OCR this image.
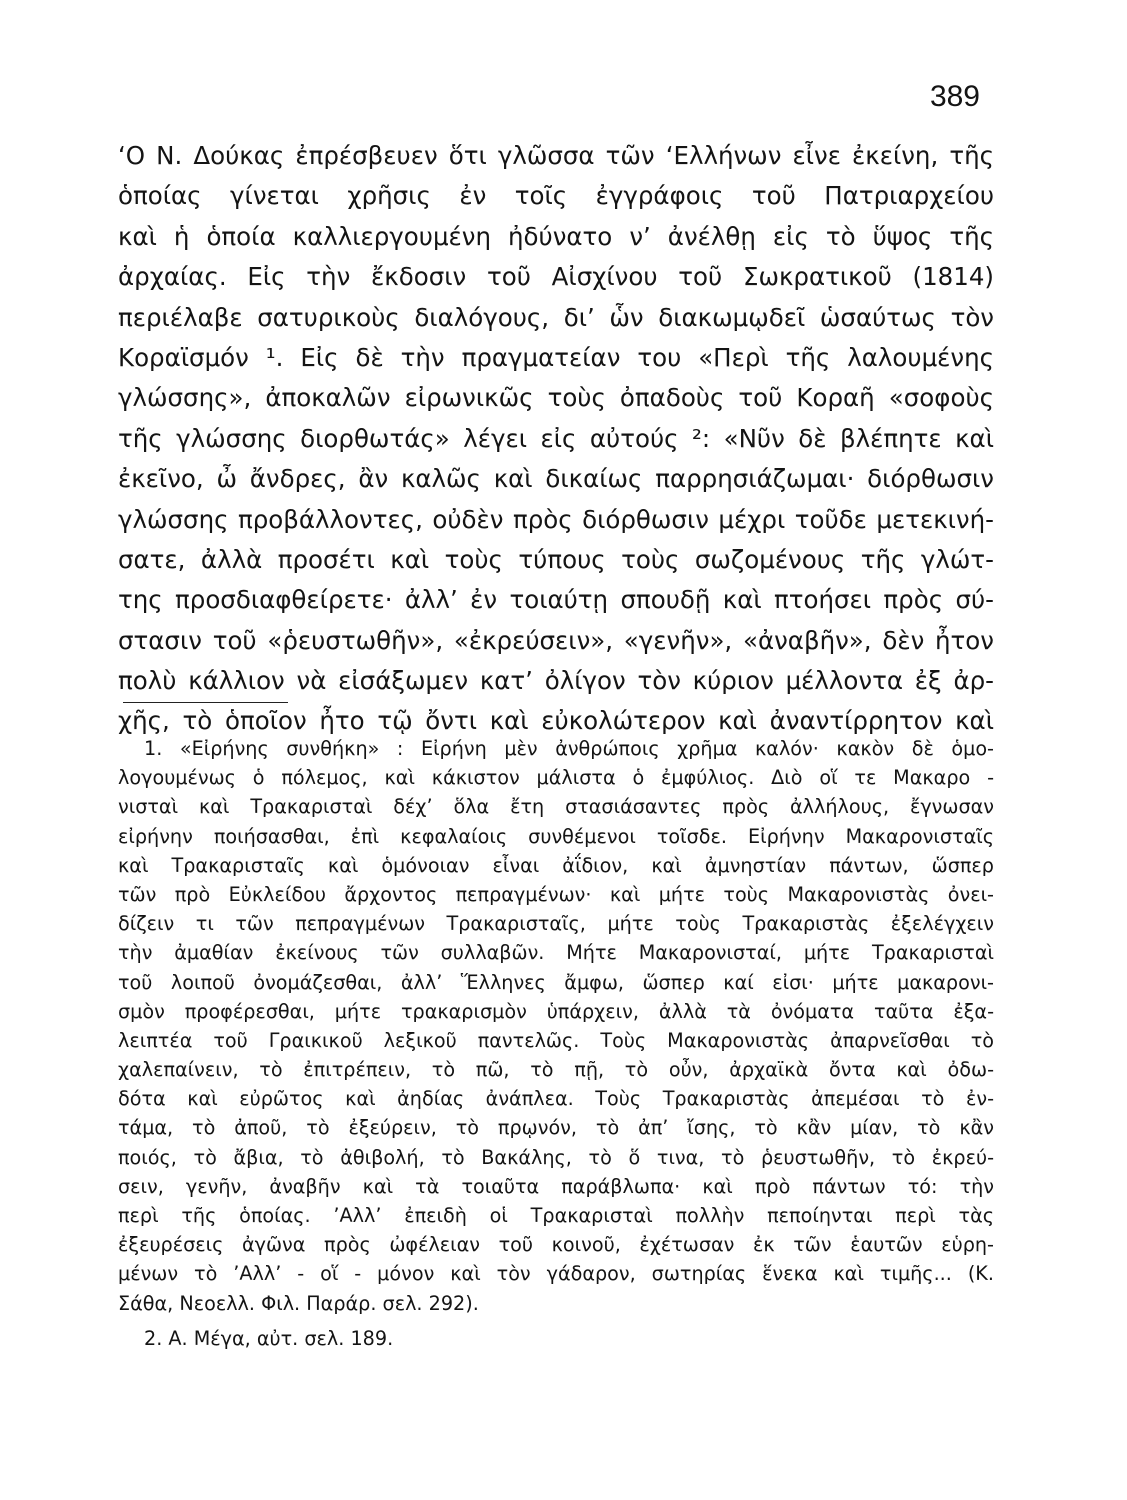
389
‘Ο Ν. Δούκας ἐπρέσβευεν ὅτι γλῶσσα τῶν ‘Ελλήνων εἶνε ἐκείνη, τῆς
ὁποίας γίνεται χρῆσις ἐν τοῖς ἐγγράφοις τοῦ Πατριαρχείου
καὶ ἡ ὁποία καλλιεργουμένη ἠδύνατο ν’ ἀνέλθῃ εἰς τὸ ὕψος τῆς
ἀρχαίας. Εἰς τὴν ἔκδοσιν τοῦ Αἰσχίνου τοῦ Σωκρατικοῦ (1814)
περιέλαβε σατυρικοὺς διαλόγους, δι’ ὧν διακωμῳδεῖ ὡσαύτως τὸν
Κοραϊσμόν ¹. Εἰς δὲ τὴν πραγματείαν του «Περὶ τῆς λαλουμένης
γλώσσης», ἀποκαλῶν εἰρωνικῶς τοὺς ὀπαδοὺς τοῦ Κοραῆ «σοφοὺς
τῆς γλώσσης διορθωτάς» λέγει εἰς αὐτούς ²: «Νῦν δὲ βλέπητε καὶ
ἐκεῖνο, ὦ ἄνδρες, ἂν καλῶς καὶ δικαίως παρρησιάζωμαι· διόρθωσιν
γλώσσης προβάλλοντες, οὐδὲν πρὸς διόρθωσιν μέχρι τοῦδε μετεκινή-
σατε, ἀλλὰ προσέτι καὶ τοὺς τύπους τοὺς σωζομένους τῆς γλώτ-
της προσδιαφθείρετε· ἀλλ’ ἐν τοιαύτῃ σπουδῇ καὶ πτοήσει πρὸς σύ-
στασιν τοῦ «ῥευστωθῆν», «ἐκρεύσειν», «γενῆν», «ἀναβῆν», δὲν ἦτον
πολὺ κάλλιον νὰ εἰσάξωμεν κατ’ ὀλίγον τὸν κύριον μέλλοντα ἐξ ἀρ-
χῆς, τὸ ὁποῖον ἦτο τῷ ὄντι καὶ εὐκολώτερον καὶ ἀναντίρρητον καὶ
1. «Εἰρήνης συνθήκη» : Εἰρήνη μὲν ἀνθρώποις χρῆμα καλόν· κακὸν δὲ ὁμο-
λογουμένως ὁ πόλεμος, καὶ κάκιστον μάλιστα ὁ ἐμφύλιος. Διὸ οἵ τε Μακαρο -
νισταὶ καὶ Τρακαρισταὶ δέχ’ ὅλα ἔτη στασιάσαντες πρὸς ἀλλήλους, ἔγνωσαν
εἰρήνην ποιήσασθαι, ἐπὶ κεφαλαίοις συνθέμενοι τοῖσδε. Εἰρήνην Μακαρονισταῖς
καὶ Τρακαρισταῖς καὶ ὁμόνοιαν εἶναι ἀΐδιον, καὶ ἀμνηστίαν πάντων, ὥσπερ
τῶν πρὸ Εὐκλείδου ἄρχοντος πεπραγμένων· καὶ μήτε τοὺς Μακαρονιστὰς ὀνει-
δίζειν τι τῶν πεπραγμένων Τρακαρισταῖς, μήτε τοὺς Τρακαριστὰς ἐξελέγχειν
τὴν ἀμαθίαν ἐκείνους τῶν συλλαβῶν. Μήτε Μακαρονισταί, μήτε Τρακαρισταὶ
τοῦ λοιποῦ ὀνομάζεσθαι, ἀλλ’ Ἕλληνες ἄμφω, ὥσπερ καί εἰσι· μήτε μακαρονι-
σμὸν προφέρεσθαι, μήτε τρακαρισμὸν ὑπάρχειν, ἀλλὰ τὰ ὀνόματα ταῦτα ἐξα-
λειπτέα τοῦ Γραικικοῦ λεξικοῦ παντελῶς. Τοὺς Μακαρονιστὰς ἀπαρνεῖσθαι τὸ
χαλεπαίνειν, τὸ ἐπιτρέπειν, τὸ πῶ, τὸ πῇ, τὸ οὖν, ἀρχαϊκὰ ὄντα καὶ ὀδω-
δότα καὶ εὐρῶτος καὶ ἀηδίας ἀνάπλεα. Τοὺς Τρακαριστὰς ἀπεμέσαι τὸ ἐν-
τάμα, τὸ ἀποῦ, τὸ ἐξεύρειν, τὸ πρῳνόν, τὸ ἀπ’ ἴσης, τὸ κἂν μίαν, τὸ κἂν
ποιός, τὸ ἄβια, τὸ ἀθιβολή, τὸ Βακάλης, τὸ ὅ τινα, τὸ ῥευστωθῆν, τὸ ἐκρεύ-
σειν, γενῆν, ἀναβῆν καὶ τὰ τοιαῦτα παράβλωπα· καὶ πρὸ πάντων τό: τὴν
περὶ τῆς ὁποίας. ’Αλλ’ ἐπειδὴ οἱ Τρακαρισταὶ πολλὴν πεποίηνται περὶ τὰς
ἐξευρέσεις ἀγῶνα πρὸς ὠφέλειαν τοῦ κοινοῦ, ἐχέτωσαν ἐκ τῶν ἑαυτῶν εὑρη-
μένων τὸ ’Αλλ’ - οἵ - μόνον καὶ τὸν γάδαρον, σωτηρίας ἕνεκα καὶ τιμῆς... (Κ.
Σάθα, Νεοελλ. Φιλ. Παράρ. σελ. 292).
2. Α. Μέγα, αὐτ. σελ. 189.
